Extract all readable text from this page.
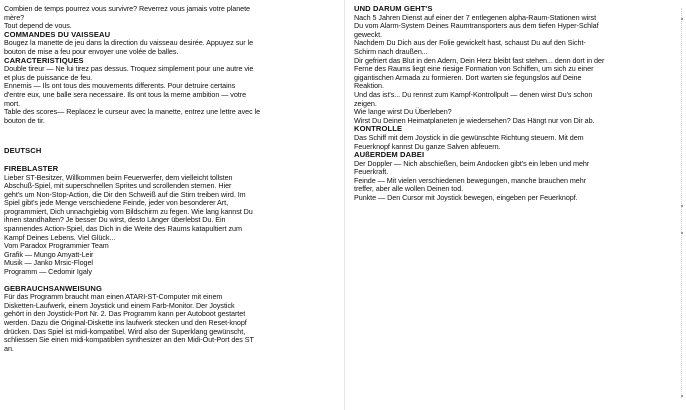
Combien de temps pourrez vous survivre? Reverrez vous jamais votre planete

mère?

Tout depend de vous.

COMMANDES DU VAISSEAU

Bougez la manette de jeu dans la direction du vaisseau desirée. Appuyez sur le

bouton de mise a feu pour envoyer une volée de balles.

CARACTERISTIQUES

Double tireur — Ne lui tirez pas dessus. Troquez simplement pour une autre vie

et plus de puissance de feu.

Ennemis — Ils ont tous des mouvements differents. Pour detruire certains

d'entre eux, une balle sera necessaire. Ils ont tous la meme ambition — votre

mort.

Table des scores— Replacez le curseur avec la manette, entrez une lettre avec le

bouton de tir.

DEUTSCH

FIREBLASTER

Lieber ST-Besitzer, Willkommen beim Feuerwerfer, dem vielleicht tollsten

Abschuß-Spiel, mit superschnellen Sprites und scrollenden sternen. Hier

geht's um Non-Stop-Action, die Dir den Schweiß auf die Stirn treiben wird. Im

Spiel gibt's jede Menge verschiedene Feinde, jeder von besonderer Art,

programmiert, Dich unnachgiebig vom Bildschirm zu fegen. Wie lang kannst Du

ihnen standhalten? Je besser Du wirst, desto Länger überlebst Du. Ein

spannendes Action-Spiel, das Dich in die Weite des Raums katapultiert zum

Kampf Deines Lebens. Viel Glück...

Vom Paradox Programmier Team

Grafik — Mungo Amyatt-Leir

Musik — Janko Mrsic-Flogel

Programm — Cedomir Igaly

GEBRAUCHSANWEISUNG

Für das Programm braucht man einen ATARI-ST-Computer mit einem

Disketten-Laufwerk, einem Joystick und einem Farb-Monitor. Der Joystick

gehört in den Joystick-Port Nr. 2. Das Programm kann per Autoboot gestartet

werden. Dazu die Original-Diskette ins laufwerk stecken und den Reset-knopf

drücken. Das Spiel ist midi-kompatibel. Wird also der Superklang gewünscht,

schliessen Sie einen midi-kompatiblen synthesizer an den Midi-Out-Port des ST

an.

UND DARUM GEHT'S

Nach 5 Jahren Dienst auf einer der 7 entlegenen alpha-Raum-Stationen wirst

Du vom Alarm-System Deines Raumtransporters aus dem tiefen Hyper-Schlaf

geweckt.

Nachdem Du Dich aus der Folie gewickelt hast, schaust Du auf den Sicht-

Schirm nach draußen...

Dir gefriert das Blut in den Adern, Dein Herz bleibt fast stehen... denn dort in der

Ferne des Raums liegt eine riesige Formation von Schiffen, um sich zu einer

gigantischen Armada zu formieren. Dort warten sie fegungslos auf Deine

Reaktion.

Und das ist's... Du rennst zum Kampf-Kontrollpult — denen wirst Du's schon

zeigen.

Wie lange wirst Du Überleben?

Wirst Du Deinen Heimatplaneten je wiedersehen? Das Hängt nur von Dir ab.

KONTROLLE

Das Schiff mit dem Joystick in die gewünschte Richtung steuern. Mit dem

Feuerknopf kannst Du ganze Salven abfeuern.

AUßERDEM DABEI

Der Doppler — Nich abschießen, beim Andocken gibt's ein leben und mehr

Feuerkraft.

Feinde — Mit vielen verschiedenen bewegungen, manche brauchen mehr

treffer, aber alle wollen Deinen tod.

Punkte — Den Cursor mit Joystick bewegen, eingeben per Feuerknopf.
